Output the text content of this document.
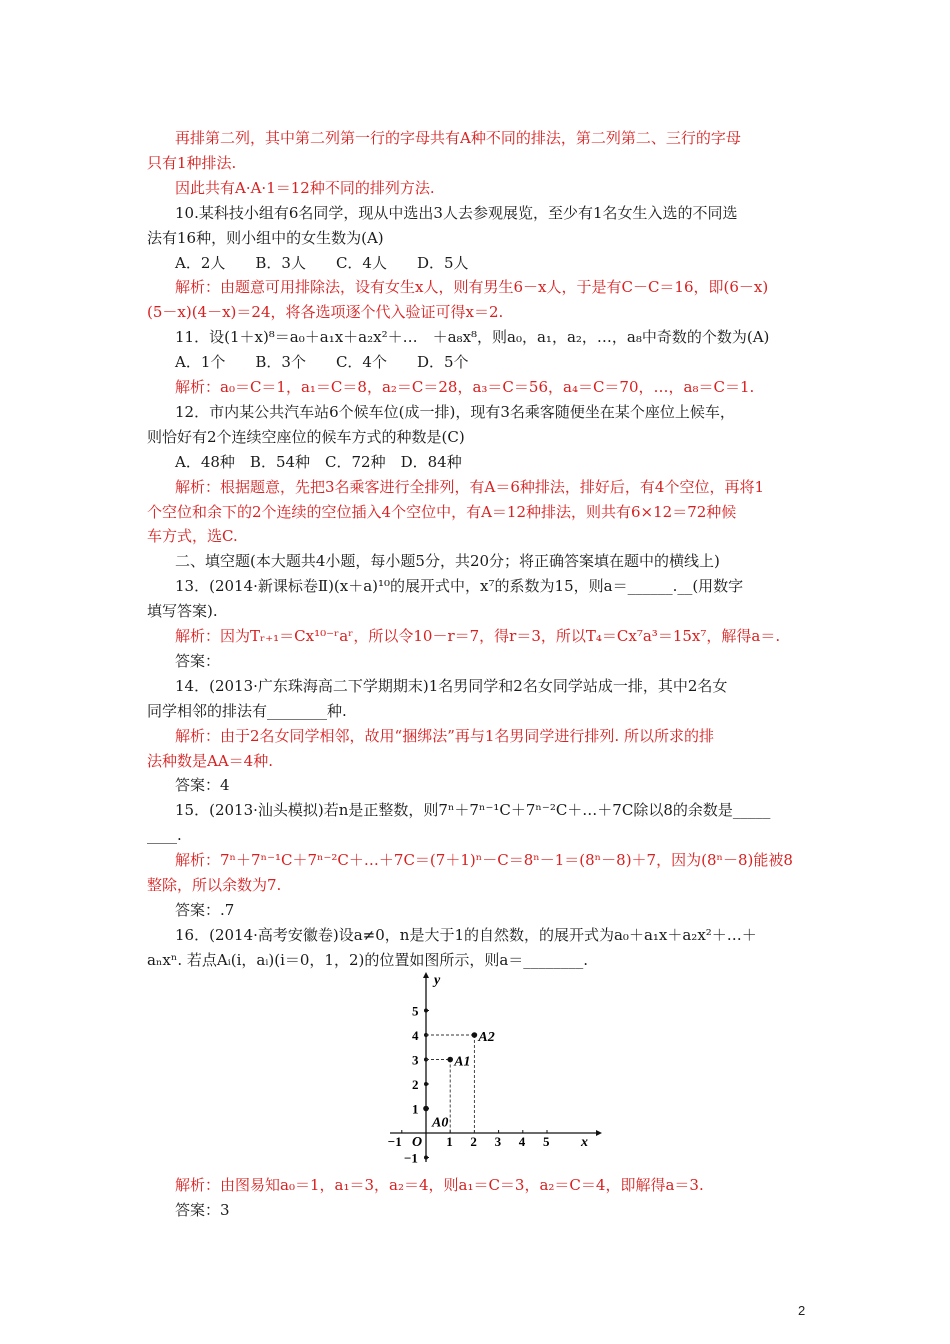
再排第二列，其中第二列第一行的字母共有A种不同的排法，第二列第二、三行的字母
只有1种排法.
因此共有A·A·1＝12种不同的排列方法.
10.某科技小组有6名同学，现从中选出3人去参观展览，至少有1名女生入选的不同选
法有16种，则小组中的女生数为(A)
A．2人　　B．3人　　C．4人　　D．5人
解析：由题意可用排除法，设有女生x人，则有男生6－x人，于是有C－C＝16，即(6－x)
(5－x)(4－x)＝24，将各选项逐个代入验证可得x＝2.
11．设(1＋x)⁸＝a₀＋a₁x＋a₂x²＋…　＋a₈x⁸，则a₀，a₁，a₂，…，a₈中奇数的个数为(A)
A．1个　　B．3个　　C．4个　　D．5个
解析：a₀＝C＝1，a₁＝C＝8，a₂＝C＝28，a₃＝C＝56，a₄＝C＝70，…，a₈＝C＝1.
12．市内某公共汽车站6个候车位(成一排)，现有3名乘客随便坐在某个座位上候车，
则恰好有2个连续空座位的候车方式的种数是(C)
A．48种　B．54种　C．72种　D．84种
解析：根据题意，先把3名乘客进行全排列，有A＝6种排法，排好后，有4个空位，再将1
个空位和余下的2个连续的空位插入4个空位中，有A＝12种排法，则共有6×12＝72种候
车方式，选C.
二、填空题(本大题共4小题，每小题5分，共20分；将正确答案填在题中的横线上)
13．(2014·新课标卷Ⅱ)(x＋a)¹⁰的展开式中，x⁷的系数为15，则a＝______.__(用数字
填写答案).
解析：因为Tᵣ₊₁＝Cx¹⁰⁻ʳaʳ，所以令10－r＝7，得r＝3，所以T₄＝Cx⁷a³＝15x⁷，解得a＝.
答案：
14．(2013·广东珠海高二下学期期末)1名男同学和2名女同学站成一排，其中2名女
同学相邻的排法有________种.
解析：由于2名女同学相邻，故用“捆绑法”再与1名男同学进行排列. 所以所求的排
法种数是AA＝4种.
答案：4
15．(2013·汕头模拟)若n是正整数，则7ⁿ＋7ⁿ⁻¹C＋7ⁿ⁻²C＋…＋7C除以8的余数是_____
____.
解析：7ⁿ＋7ⁿ⁻¹C＋7ⁿ⁻²C＋…＋7C＝(7＋1)ⁿ－C＝8ⁿ－1＝(8ⁿ－8)＋7，因为(8ⁿ－8)能被8
整除，所以余数为7.
答案：.7
16．(2014·高考安徽卷)设a≠0，n是大于1的自然数，的展开式为a₀＋a₁x＋a₂x²＋…＋
aₙxⁿ. 若点Aᵢ(i，aᵢ)(i＝0，1，2)的位置如图所示，则a＝________.
解析：由图易知a₀＝1，a₁＝3，a₂＝4，则a₁＝C＝3，a₂＝C＝4，即解得a＝3.
答案：3
x
y
O
−1	1 2 3 4 5
5
4
3
2
1
−1
A0
A1
A2
2
